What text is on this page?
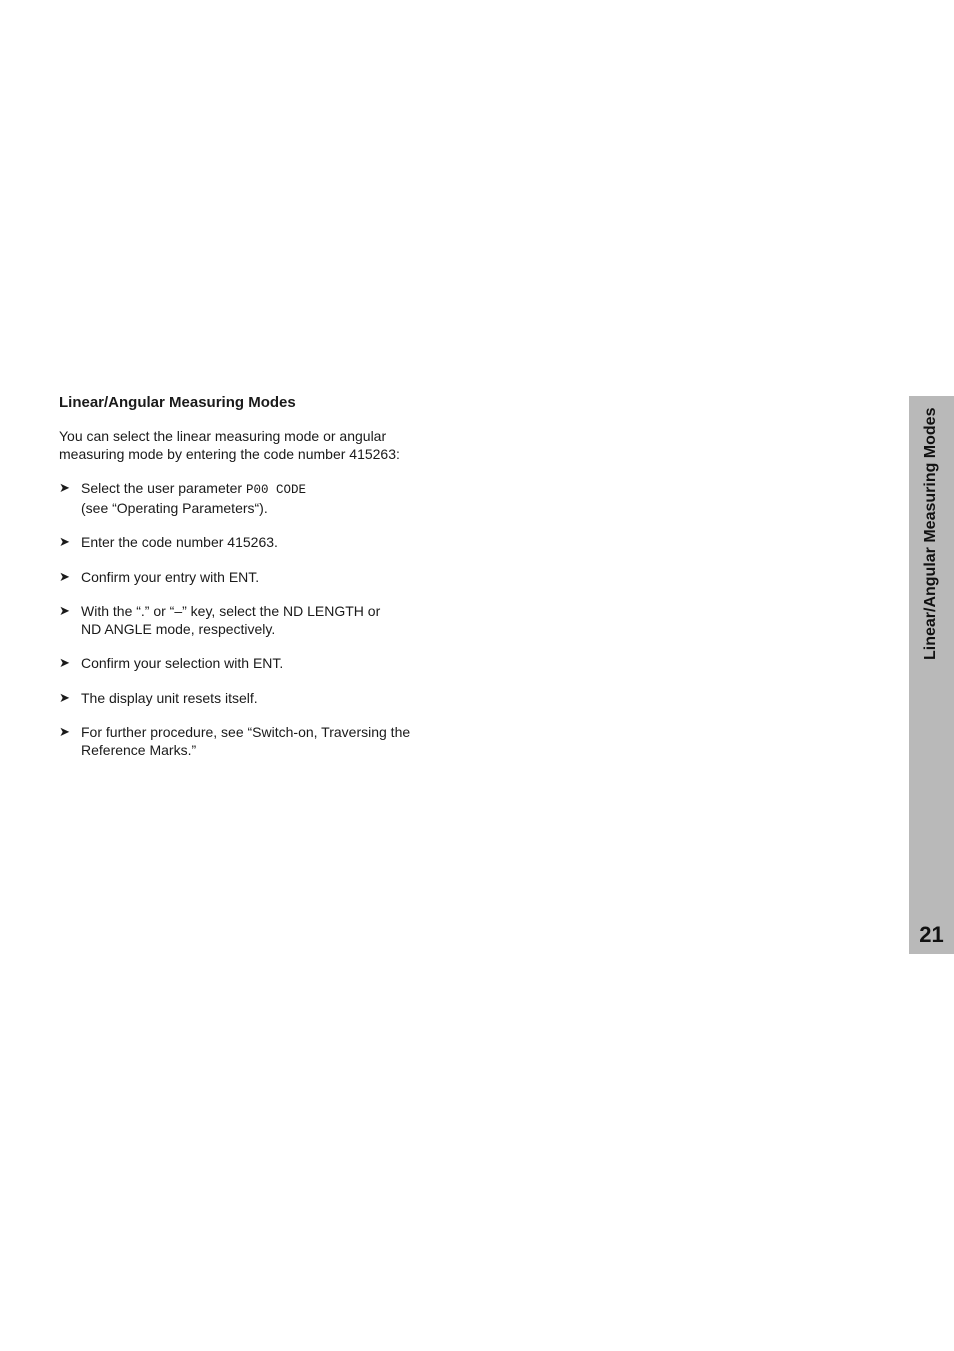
Linear/Angular Measuring Modes

You can select the linear measuring mode or angular measuring mode by entering the code number 415263:

➤ Select the user parameter P00 CODE
(see “Operating Parameters“).
➤ Enter the code number 415263.
➤ Confirm your entry with ENT.
➤ With the “.” or “–” key, select the ND LENGTH or
ND ANGLE mode, respectively.
➤ Confirm your selection with ENT.
➤ The display unit resets itself.
➤ For further procedure, see “Switch-on, Traversing the
Reference Marks.”
Linear/Angular Measuring Modes
21
